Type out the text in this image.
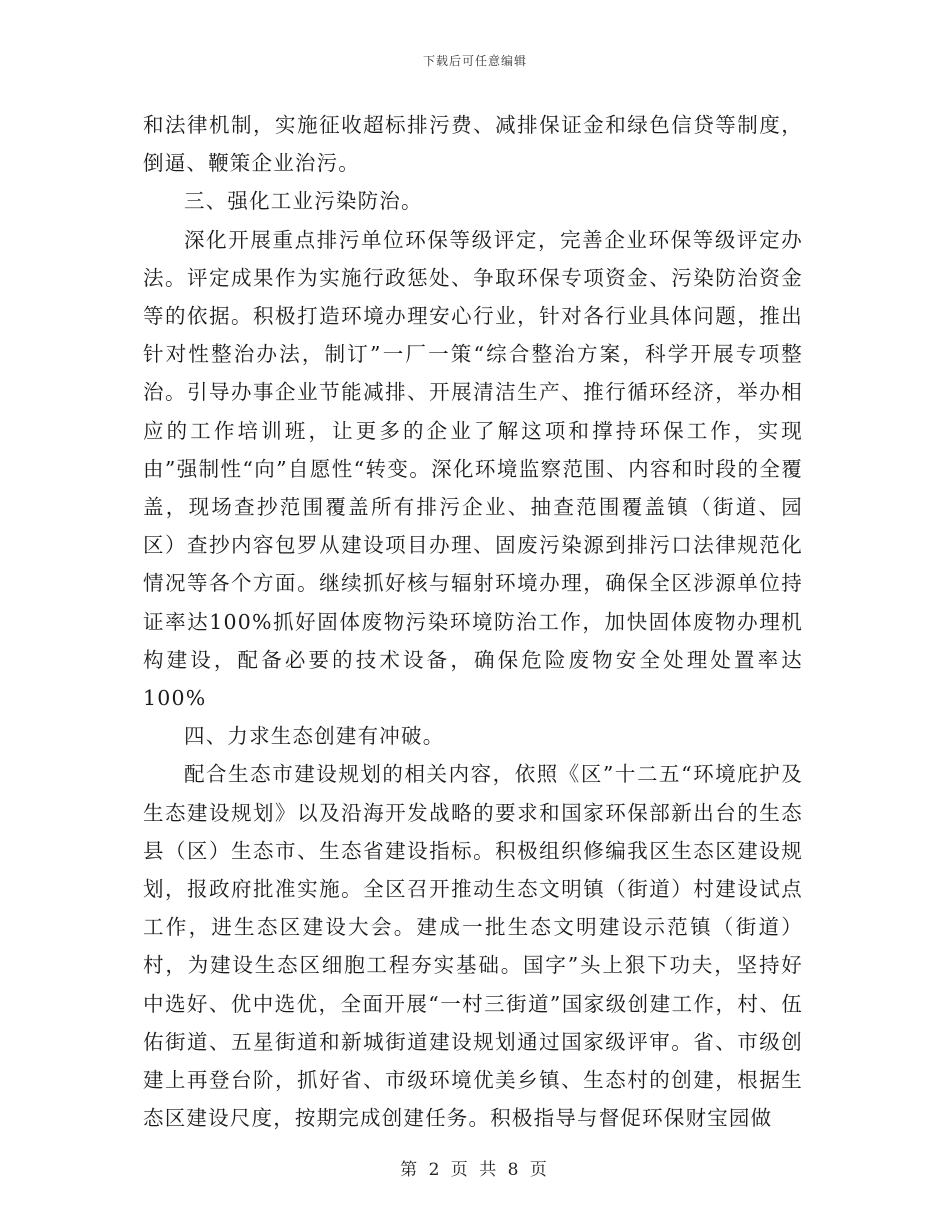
下载后可任意编辑

和法律机制，实施征收超标排污费、减排保证金和绿色信贷等制度，倒逼、鞭策企业治污。

三、强化工业污染防治。

深化开展重点排污单位环保等级评定，完善企业环保等级评定办法。评定成果作为实施行政惩处、争取环保专项资金、污染防治资金等的依据。积极打造环境办理安心行业，针对各行业具体问题，推出针对性整治办法，制订”一厂一策“综合整治方案，科学开展专项整治。引导办事企业节能减排、开展清洁生产、推行循环经济，举办相应的工作培训班，让更多的企业了解这项和撑持环保工作，实现由”强制性“向”自愿性“转变。深化环境监察范围、内容和时段的全覆盖，现场查抄范围覆盖所有排污企业、抽查范围覆盖镇（街道、园区）查抄内容包罗从建设项目办理、固废污染源到排污口法律规范化情况等各个方面。继续抓好核与辐射环境办理，确保全区涉源单位持证率达100%抓好固体废物污染环境防治工作，加快固体废物办理机构建设，配备必要的技术设备，确保危险废物安全处理处置率达100%

四、力求生态创建有冲破。

配合生态市建设规划的相关内容，依照《区”十二五“环境庇护及生态建设规划》以及沿海开发战略的要求和国家环保部新出台的生态县（区）生态市、生态省建设指标。积极组织修编我区生态区建设规划，报政府批准实施。全区召开推动生态文明镇（街道）村建设试点工作，进生态区建设大会。建成一批生态文明建设示范镇（街道）村，为建设生态区细胞工程夯实基础。国字”头上狠下功夫，坚持好中选好、优中选优，全面开展“一村三街道”国家级创建工作，村、伍佑街道、五星街道和新城街道建设规划通过国家级评审。省、市级创建上再登台阶，抓好省、市级环境优美乡镇、生态村的创建，根据生态区建设尺度，按期完成创建任务。积极指导与督促环保财宝园做

第 2 页 共 8 页
